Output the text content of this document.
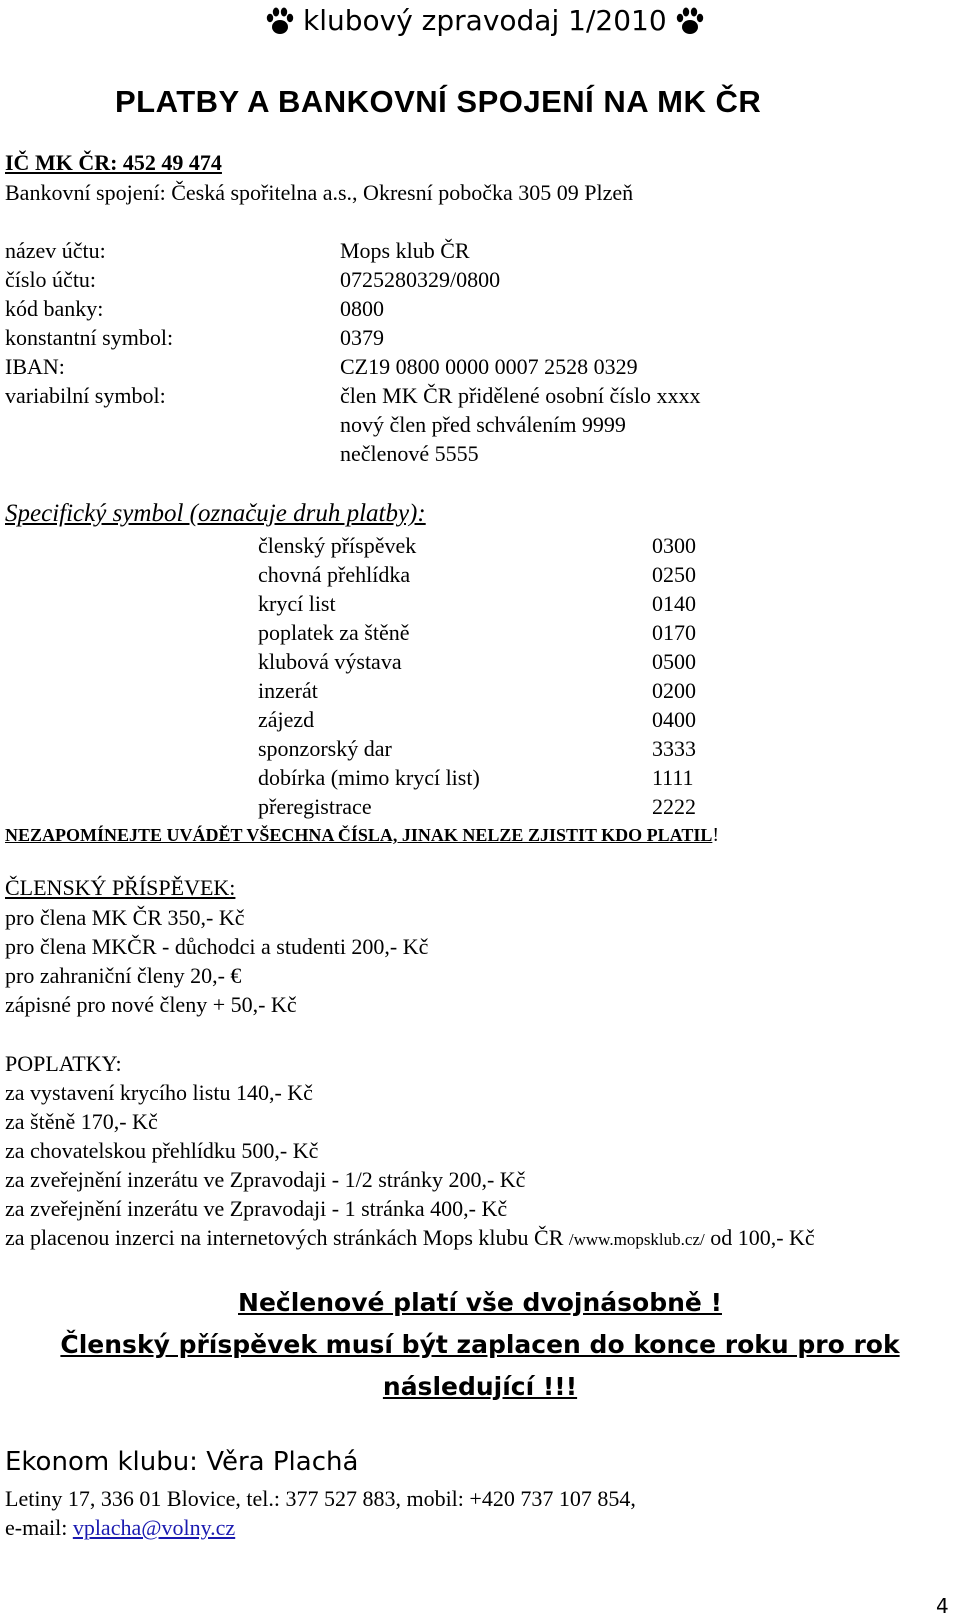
klubový zpravodaj 1/2010
PLATBY A BANKOVNÍ SPOJENÍ NA MK ČR
IČ MK ČR: 452 49 474
Bankovní spojení: Česká spořitelna a.s., Okresní pobočka 305 09 Plzeň
název účtu:	Mops klub ČR
číslo účtu:	0725280329/0800
kód banky:	0800
konstantní symbol:	0379
IBAN:	CZ19 0800 0000 0007 2528 0329
variabilní symbol:	člen MK ČR přidělené osobní číslo xxxx
nový člen před schválením 9999
nečlenové 5555
Specifický symbol (označuje druh platby):
členský příspěvek	0300
chovná přehlídka	0250
krycí list	0140
poplatek za štěně	0170
klubová výstava	0500
inzerát	0200
zájezd	0400
sponzorský dar	3333
dobírka (mimo krycí list)	1111
přeregistrace	2222
NEZAPOMÍNEJTE UVÁDĚT VŠECHNA ČÍSLA, JINAK NELZE ZJISTIT KDO PLATIL!
ČLENSKÝ PŘÍSPĚVEK:
pro člena MK ČR 350,- Kč
pro člena MKČR - důchodci a studenti 200,- Kč
pro zahraniční členy 20,- €
zápisné pro nové členy + 50,- Kč
POPLATKY:
za vystavení krycího listu 140,- Kč
za štěně 170,- Kč
za chovatelskou přehlídku 500,- Kč
za zveřejnění inzerátu ve Zpravodaji - 1/2 stránky 200,- Kč
za zveřejnění inzerátu ve Zpravodaji - 1 stránka 400,- Kč
za placenou inzerci na internetových stránkách Mops klubu ČR /www.mopsklub.cz/ od 100,- Kč
Nečlenové platí vše dvojnásobně !
Členský příspěvek musí být zaplacen do konce roku pro rok
následující !!!
Ekonom klubu: Věra Plachá
Letiny 17, 336 01 Blovice, tel.: 377 527 883, mobil: +420 737 107 854,
e-mail: vplacha@volny.cz
4
